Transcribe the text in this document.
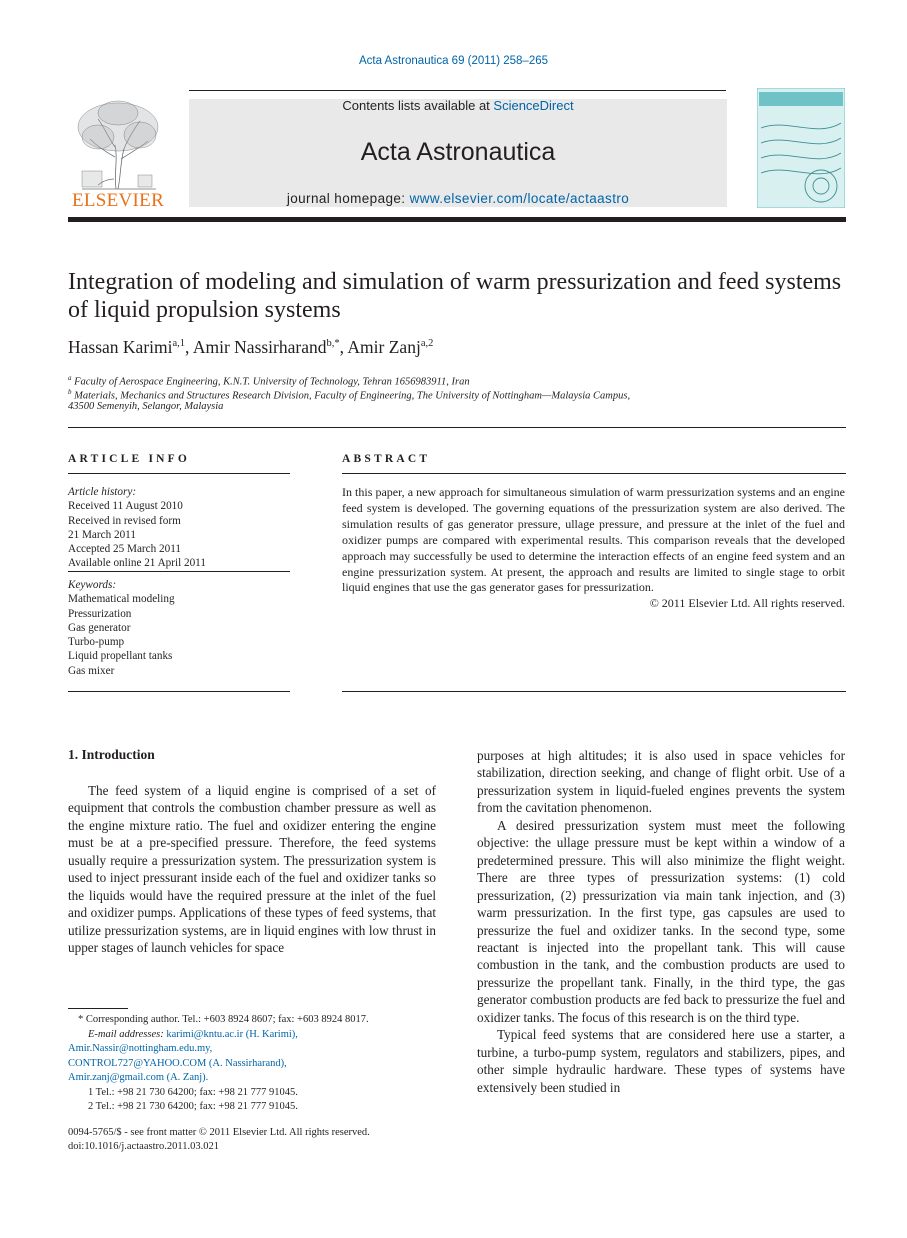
Acta Astronautica 69 (2011) 258–265
ELSEVIER
Contents lists available at ScienceDirect
Acta Astronautica
journal homepage: www.elsevier.com/locate/actaastro
Integration of modeling and simulation of warm pressurization and feed systems of liquid propulsion systems
Hassan Karimi$^{a,1}$, Amir Nassirharand$^{b,*}$, Amir Zanj$^{a,2}$
$^a$ Faculty of Aerospace Engineering, K.N.T. University of Technology, Tehran 1656983911, Iran
$^b$ Materials, Mechanics and Structures Research Division, Faculty of Engineering, The University of Nottingham—Malaysia Campus,
43500 Semenyih, Selangor, Malaysia
ARTICLE INFO
Article history:
Received 11 August 2010
Received in revised form
21 March 2011
Accepted 25 March 2011
Available online 21 April 2011
Keywords:
Mathematical modeling
Pressurization
Gas generator
Turbo-pump
Liquid propellant tanks
Gas mixer
ABSTRACT
In this paper, a new approach for simultaneous simulation of warm pressurization systems and an engine feed system is developed. The governing equations of the pressurization system are also derived. The simulation results of gas generator pressure, ullage pressure, and pressure at the inlet of the fuel and oxidizer pumps are compared with experimental results. This comparison reveals that the developed approach may successfully be used to determine the interaction effects of an engine feed system and an engine pressurization system. At present, the approach and results are limited to single stage to orbit liquid engines that use the gas generator gases for pressurization.
© 2011 Elsevier Ltd. All rights reserved.
1. Introduction

The feed system of a liquid engine is comprised of a set of equipment that controls the combustion chamber pressure as well as the engine mixture ratio. The fuel and oxidizer entering the engine must be at a pre-specified pressure. Therefore, the feed systems usually require a pressurization system. The pressurization system is used to inject pressurant inside each of the fuel and oxidizer tanks so the liquids would have the required pressure at the inlet of the fuel and oxidizer pumps. Applications of these types of feed systems, that utilize pressurization systems, are in liquid engines with low thrust in upper stages of launch vehicles for space

purposes at high altitudes; it is also used in space vehicles for stabilization, direction seeking, and change of flight orbit. Use of a pressurization system in liquid-fueled engines prevents the system from the cavitation phenomenon.

A desired pressurization system must meet the following objective: the ullage pressure must be kept within a window of a predetermined pressure. This will also minimize the flight weight. There are three types of pressurization systems: (1) cold pressurization, (2) pressurization via main tank injection, and (3) warm pressurization. In the first type, gas capsules are used to pressurize the fuel and oxidizer tanks. In the second type, some reactant is injected into the propellant tank. This will cause combustion in the tank, and the combustion products are used to pressurize the propellant tank. Finally, in the third type, the gas generator combustion products are fed back to pressurize the fuel and oxidizer tanks. The focus of this research is on the third type.

Typical feed systems that are considered here use a starter, a turbine, a turbo-pump system, regulators and stabilizers, pipes, and other simple hydraulic hardware. These types of systems have extensively been studied in

* Corresponding author. Tel.: +603 8924 8607; fax: +603 8924 8017.
E-mail addresses: karimi@kntu.ac.ir (H. Karimi),
Amir.Nassir@nottingham.edu.my,
CONTROL727@YAHOO.COM (A. Nassirharand),
Amir.zanj@gmail.com (A. Zanj).
1 Tel.: +98 21 730 64200; fax: +98 21 777 91045.
2 Tel.: +98 21 730 64200; fax: +98 21 777 91045.
0094-5765/$ - see front matter © 2011 Elsevier Ltd. All rights reserved.
doi:10.1016/j.actaastro.2011.03.021
